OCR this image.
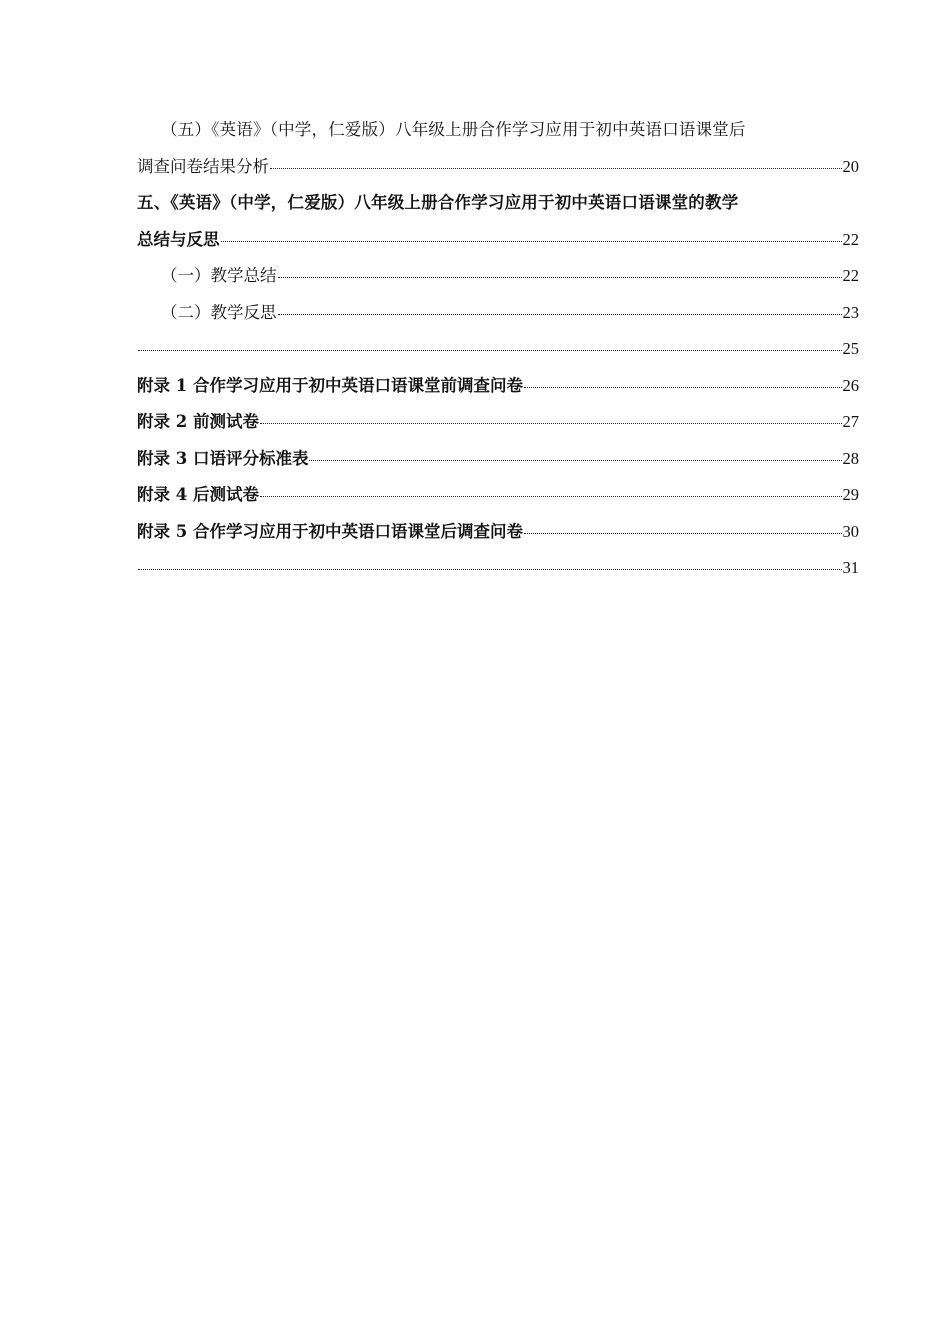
（五）《英语》（中学，仁爱版）八年级上册合作学习应用于初中英语口语课堂后
调查问卷结果分析	20
五、《英语》（中学，仁爱版）八年级上册合作学习应用于初中英语口语课堂的教学
总结与反思	22
（一）教学总结	22
（二）教学反思	23
25
附录 1 合作学习应用于初中英语口语课堂前调查问卷	26
附录 2 前测试卷	27
附录 3 口语评分标准表	28
附录 4 后测试卷	29
附录 5 合作学习应用于初中英语口语课堂后调查问卷	30
31
